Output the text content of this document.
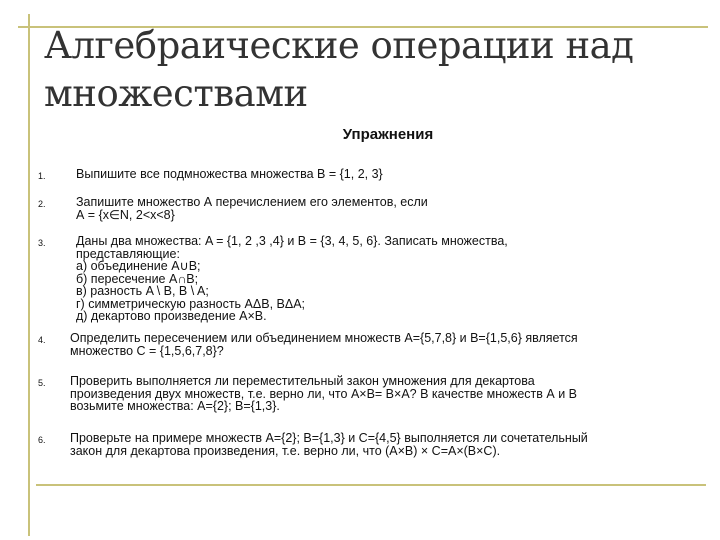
Алгебраические операции над
множествами
Упражнения
1. Выпишите все подмножества множества B = {1, 2, 3}
2. Запишите множество А перечислением его элементов, если
А = {x∈N, 2<x<8}
3. Даны два множества: A = {1, 2 ,3 ,4} и B = {3, 4, 5, 6}. Записать множества,
представляющие:
а) объединение A∪B;
б) пересечение A∩B;
в) разность A \ B, B \ A;
г) симметрическую разность AΔB, BΔA;
д) декартово произведение A×B.
4. Определить пересечением или объединением множеств A={5,7,8} и B={1,5,6} является
множество C = {1,5,6,7,8}?
5. Проверить выполняется ли переместительный закон умножения для декартова
произведения двух множеств, т.е. верно ли, что A×B= B×A? В качестве множеств А и В
возьмите множества: A={2}; B={1,3}.
6. Проверьте на примере множеств A={2}; B={1,3} и C={4,5} выполняется ли сочетательный
закон для декартова произведения, т.е. верно ли, что (A×B) × C=A×(B×C).
